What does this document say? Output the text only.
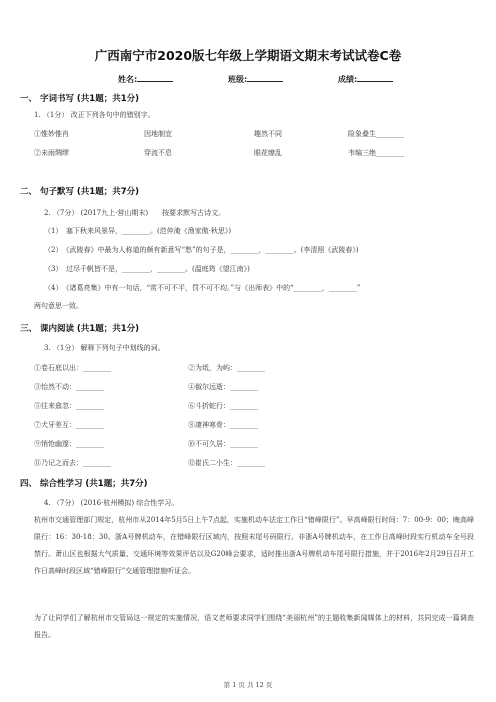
广西南宁市2020版七年级上学期语文期末考试试卷C卷
姓名:	班级:	成绩:
一、 字词书写 (共1题；共1分)
1. （1分） 改正下列各句中的错别字。
①惟妙惟肖	因地制宜	趣然不同	险象叠生________
②未雨绸缪	穿流不息	眼花缭乱	韦编三绝________
二、 句子默写 (共1题；共7分)
2. （7分） (2017九上·营山期末)　　按要求默写古诗文。
（1）　塞下秋来风景异，________。(范仲淹《渔家傲·秋思》)
（2）　《武陵春》中最为人称道的颇有新意写“愁”的句子是，________，________。(李清照《武陵春》)
（3）　过尽千帆皆不是，________，________。(温庭筠《望江南》)
（4）　《诸葛亮集》中有一句话，“赏不可不平，罚不可不均。”与《出师表》中的“________，________”
两句意思一致。
三、 课内阅读 (共1题；共1分)
3. （1分） 解释下列句子中划线的词。
①卷石底以出：________	②为坻，为屿：________
③怡然不动：________	④俶尔远逝：________
⑤往来翕忽：________	⑥斗折蛇行：________
⑦犬牙差互：________	⑧凄神寒骨：________
⑨悄怆幽邃：________	⑩不可久居：________
⑪乃记之而去：________	⑫崔氏二小生：________
四、 综合性学习 (共1题；共7分)
4. （7分） (2016·杭州模拟) 综合性学习。
杭州市交通管理部门规定，杭州市从2014年5月5日上午7点起，实施机动车法定工作日“错峰限行”。早高峰限行时间：7：00-9：00；晚高峰限行：16：30-18：30。浙A号牌机动车，在错峰限行区域内，按照末尾号码限行。非浙A号牌机动车，在工作日高峰时段实行机动车全号段禁行。萧山区也根据大气质量、交通环境等效果评估以及G20峰会要求，适时推出浙A号牌机动车尾号限行措施，并于2016年2月29日召开工作日高峰时段区域“错峰限行”交通管理措施听证会。
为了让同学们了解杭州市交管局这一规定的实施情况，语文老师要求同学们围绕“美丽杭州”的主题收集新闻媒体上的材料，共同完成一篇调查报告。
第 1 页 共 12 页
